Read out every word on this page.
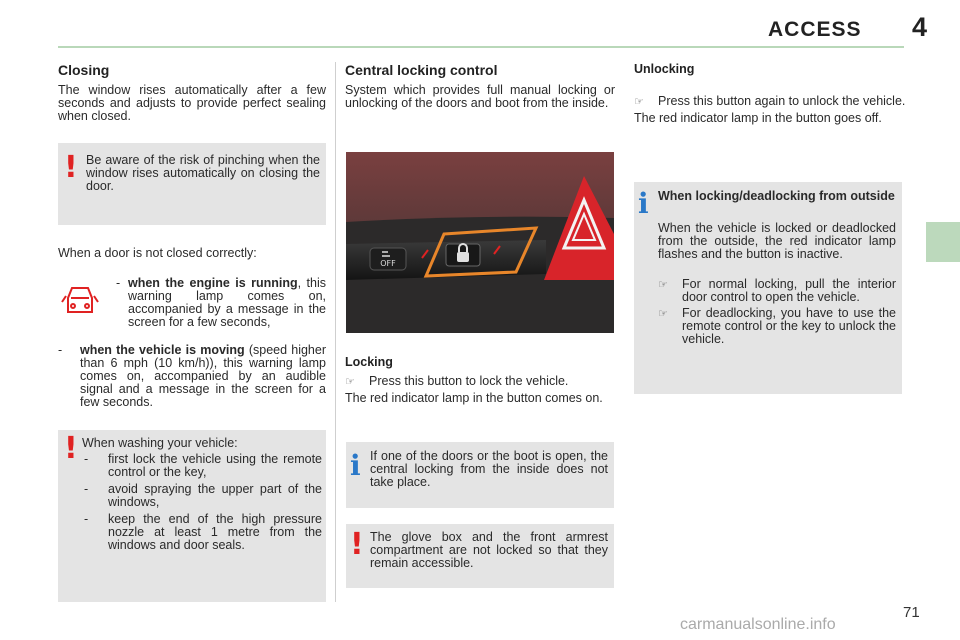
ACCESS 4
Closing

The window rises automatically after a few seconds and adjusts to provide perfect sealing when closed.

! Be aware of the risk of pinching when the window rises automatically on closing the door.

When a door is not closed correctly:

- when the engine is running, this warning lamp comes on, accompanied by a message in the screen for a few seconds,
- when the vehicle is moving (speed higher than 6 mph (10 km/h)), this warning lamp comes on, accompanied by an audible signal and a message in the screen for a few seconds.
! When washing your vehicle:

- first lock the vehicle using the remote control or the key,
- avoid spraying the upper part of the windows,
- keep the end of the high pressure nozzle at least 1 metre from the windows and door seals.
Central locking control

System which provides full manual locking or unlocking of the doors and boot from the inside.

OFF
Locking
☞ Press this button to lock the vehicle.

The red indicator lamp in the button comes on.

i If one of the doors or the boot is open, the central locking from the inside does not take place.

! The glove box and the front armrest compartment are not locked so that they remain accessible.

Unlocking
☞ Press this button again to unlock the vehicle.

The red indicator lamp in the button goes off.

i When locking/deadlocking from outside

When the vehicle is locked or deadlocked from the outside, the red indicator lamp flashes and the button is inactive.

☞ For normal locking, pull the interior door control to open the vehicle.
☞ For deadlocking, you have to use the remote control or the key to unlock the vehicle.
71
carmanualsonline.info
